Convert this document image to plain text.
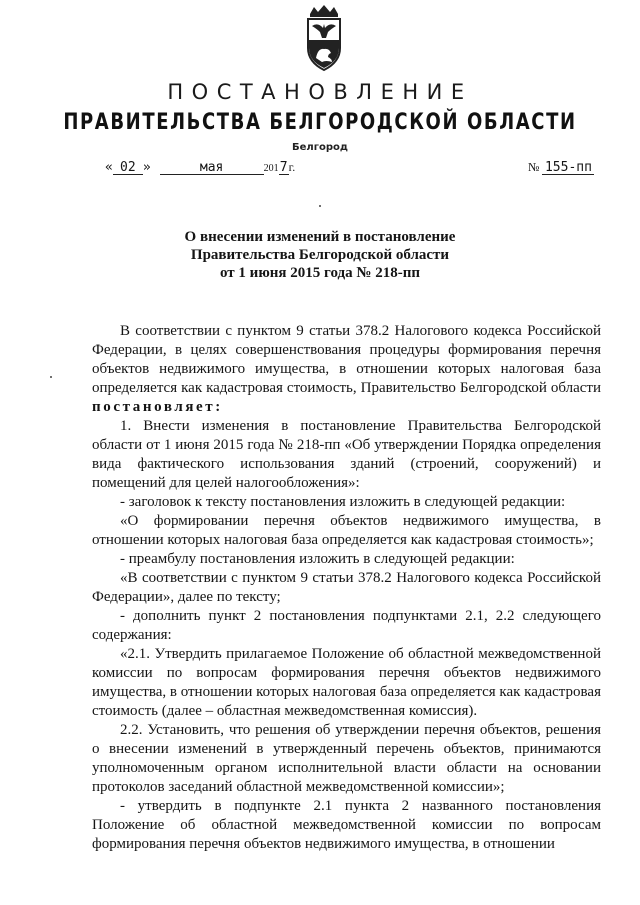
ПОСТАНОВЛЕНИЕ
ПРАВИТЕЛЬСТВА БЕЛГОРОДСКОЙ ОБЛАСТИ
Белгород
« 02 »	мая	2017г.	№ 155-пп
О внесении изменений в постановление
Правительства Белгородской области
от 1 июня 2015 года № 218-пп

В соответствии с пунктом 9 статьи 378.2 Налогового кодекса Российской Федерации, в целях совершенствования процедуры формирования перечня объектов недвижимого имущества, в отношении которых налоговая база определяется как кадастровая стоимость, Правительство Белгородской области постановляет:

1. Внести изменения в постановление Правительства Белгородской области от 1 июня 2015 года № 218-пп «Об утверждении Порядка определения вида фактического использования зданий (строений, сооружений) и помещений для целей налогообложения»:

- заголовок к тексту постановления изложить в следующей редакции:

«О формировании перечня объектов недвижимого имущества, в отношении которых налоговая база определяется как кадастровая стоимость»;

- преамбулу постановления изложить в следующей редакции:

«В соответствии с пунктом 9 статьи 378.2 Налогового кодекса Российской Федерации», далее по тексту;

- дополнить пункт 2 постановления подпунктами 2.1, 2.2 следующего содержания:

«2.1. Утвердить прилагаемое Положение об областной межведомственной комиссии по вопросам формирования перечня объектов недвижимого имущества, в отношении которых налоговая база определяется как кадастровая стоимость (далее – областная межведомственная комиссия).

2.2. Установить, что решения об утверждении перечня объектов, решения о внесении изменений в утвержденный перечень объектов, принимаются уполномоченным органом исполнительной власти области на основании протоколов заседаний областной межведомственной комиссии»;

- утвердить в подпункте 2.1 пункта 2 названного постановления Положение об областной межведомственной комиссии по вопросам формирования перечня объектов недвижимого имущества, в отношении
